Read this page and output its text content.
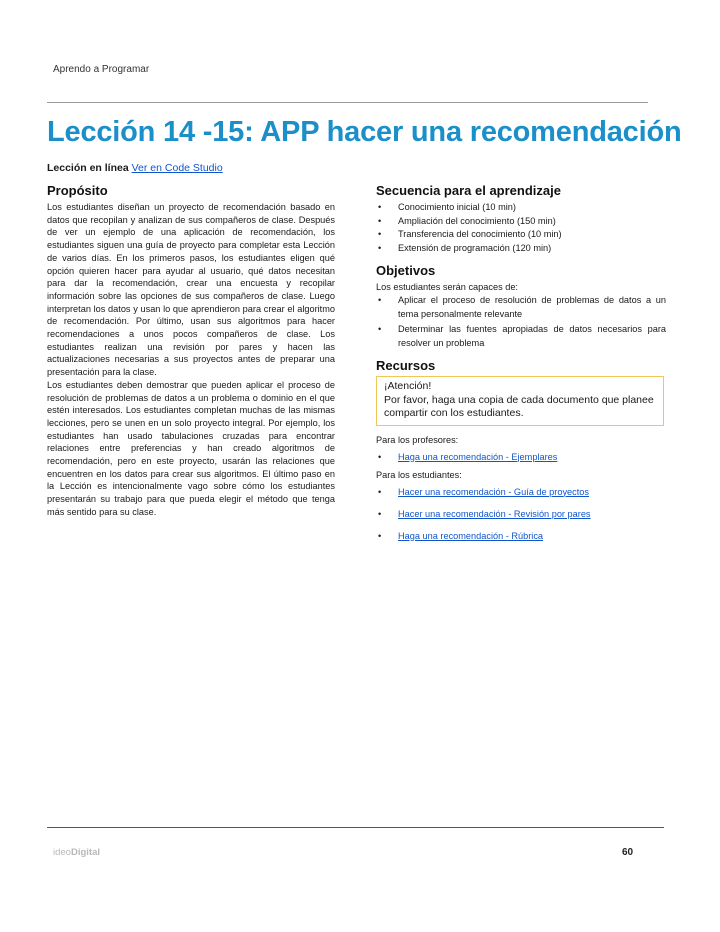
Aprendo a Programar
Lección 14 -15: APP hacer una recomendación
Lección en línea Ver en Code Studio
Propósito

Los estudiantes diseñan un proyecto de recomendación basado en datos que recopilan y analizan de sus compañeros de clase. Después de ver un ejemplo de una aplicación de recomendación, los estudiantes siguen una guía de proyecto para completar esta Lección de varios días. En los primeros pasos, los estudiantes eligen qué opción quieren hacer para ayudar al usuario, qué datos necesitan para dar la recomendación, crear una encuesta y recopilar información sobre las opciones de sus compañeros de clase. Luego interpretan los datos y usan lo que aprendieron para crear el algoritmo de recomendación. Por último, usan sus algoritmos para hacer recomendaciones a unos pocos compañeros de clase. Los estudiantes realizan una revisión por pares y hacen las actualizaciones necesarias a sus proyectos antes de preparar una presentación para la clase.

Los estudiantes deben demostrar que pueden aplicar el proceso de resolución de problemas de datos a un problema o dominio en el que estén interesados. Los estudiantes completan muchas de las mismas lecciones, pero se unen en un solo proyecto integral. Por ejemplo, los estudiantes han usado tabulaciones cruzadas para encontrar relaciones entre preferencias y han creado algoritmos de recomendación, pero en este proyecto, usarán las relaciones que encuentren en los datos para crear sus algoritmos. El último paso en la Lección es intencionalmente vago sobre cómo los estudiantes presentarán su trabajo para que pueda elegir el método que tenga más sentido para su clase.

Secuencia para el aprendizaje
• Conocimiento inicial (10 min)
• Ampliación del conocimiento (150 min)
• Transferencia del conocimiento (10 min)
• Extensión de programación (120 min)
Objetivos

Los estudiantes serán capaces de:

• Aplicar el proceso de resolución de problemas de datos a un tema personalmente relevante
• Determinar las fuentes apropiadas de datos necesarios para resolver un problema
Recursos
¡Atención!
Por favor, haga una copia de cada documento que planee compartir con los estudiantes.

Para los profesores:

• Haga una recomendación - Ejemplares

Para los estudiantes:

• Hacer una recomendación - Guía de proyectos
• Hacer una recomendación - Revisión por pares
• Haga una recomendación - Rúbrica
ideoDigital	60
